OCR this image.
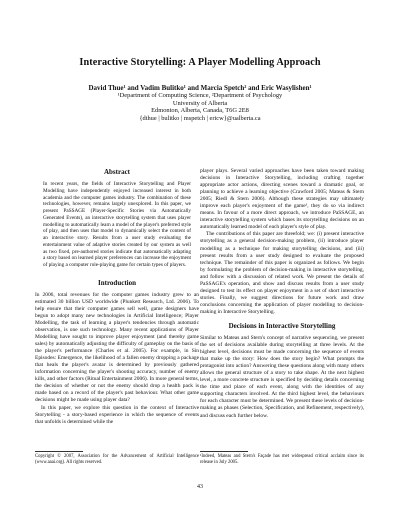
Interactive Storytelling: A Player Modelling Approach
David Thue¹ and Vadim Bulitko¹ and Marcia Spetch² and Eric Wasylishen¹
¹Department of Computing Science, ²Department of Psychology
University of Alberta
Edmonton, Alberta, Canada, T6G 2E8
{dthue | bulitko | mspetch | ericw}@ualberta.ca
Abstract
In recent years, the fields of Interactive Storytelling and Player Modelling have independently enjoyed increased interest in both academia and the computer games industry. The combination of these technologies, however, remains largely unexplored. In this paper, we present PaSSAGE (Player-Specific Stories via Automatically Generated Events), an interactive storytelling system that uses player modelling to automatically learn a model of the player's preferred style of play, and then uses that model to dynamically select the content of an interactive story. Results from a user study evaluating the entertainment value of adaptive stories created by our system as well as two fixed, pre-authored stories indicate that automatically adapting a story based on learned player preferences can increase the enjoyment of playing a computer role-playing game for certain types of players.
Introduction

In 2006, total revenues for the computer games industry grew to an estimated 30 billion USD worldwide (Plunkett Research, Ltd. 2006). To help ensure that their computer games sell well, game designers have begun to adopt many new technologies in Artificial Intelligence; Player Modelling, the task of learning a player's tendencies through automatic observation, is one such technology. Many recent applications of Player Modelling have sought to improve player enjoyment (and thereby game sales) by automatically adjusting the difficulty of gameplay on the basis of the player's performance (Charles et al. 2005). For example, in Sin Episodes: Emergence, the likelihood of a fallen enemy dropping a package that heals the player's avatar is determined by previously gathered information concerning the player's shooting accuracy, number of enemy kills, and other factors (Ritual Entertainment 2006). In more general terms, the decision of whether or not the enemy should drop a health pack is made based on a record of the player's past behaviour. What other game decisions might be made using player data?

In this paper, we explore this question in the context of Interactive Storytelling - a story-based experience in which the sequence of events that unfolds is determined while the

player plays. Several varied approaches have been taken toward making decisions in Interactive Storytelling, including crafting together appropriate actor actions, directing scenes toward a dramatic goal, or planning to achieve a learning objective (Crawford 2005; Mateas & Stern 2005; Riedl & Stern 2006). Although these strategies may ultimately improve each player's enjoyment of the game¹, they do so via indirect means. In favour of a more direct approach, we introduce PaSSAGE, an interactive storytelling system which bases its storytelling decisions on an automatically learned model of each player's style of play.

The contributions of this paper are threefold; we: (i) present interactive storytelling as a general decision-making problem, (ii) introduce player modelling as a technique for making storytelling decisions, and (iii) present results from a user study designed to evaluate the proposed technique. The remainder of this paper is organized as follows. We begin by formulating the problem of decision-making in interactive storytelling, and follow with a discussion of related work. We present the details of PaSSAGE's operation, and show and discuss results from a user study designed to test its effect on player enjoyment in a set of short interactive stories. Finally, we suggest directions for future work and draw conclusions concerning the application of player modelling to decision-making in Interactive Storytelling.

Decisions in Interactive Storytelling

Similar to Mateas and Stern's concept of narrative sequencing, we present the set of decisions available during storytelling at three levels. At the highest level, decisions must be made concerning the sequence of events that make up the story: How does the story begin? What prompts the protagonist into action? Answering these questions along with many others allows the general structure of a story to take shape. At the next highest level, a more concrete structure is specified by deciding details concerning the time and place of each event, along with the identities of any supporting characters involved. At the third highest level, the behaviours for each character must be determined. We present these levels of decision-making as phases (Selection, Specification, and Refinement, respectively), and discuss each further below.

Copyright © 2007, Association for the Advancement of Artificial Intelligence (www.aaai.org). All rights reserved.

¹Indeed, Mateas and Stern's Façade has met widespread critical acclaim since its release in July 2005.

43
